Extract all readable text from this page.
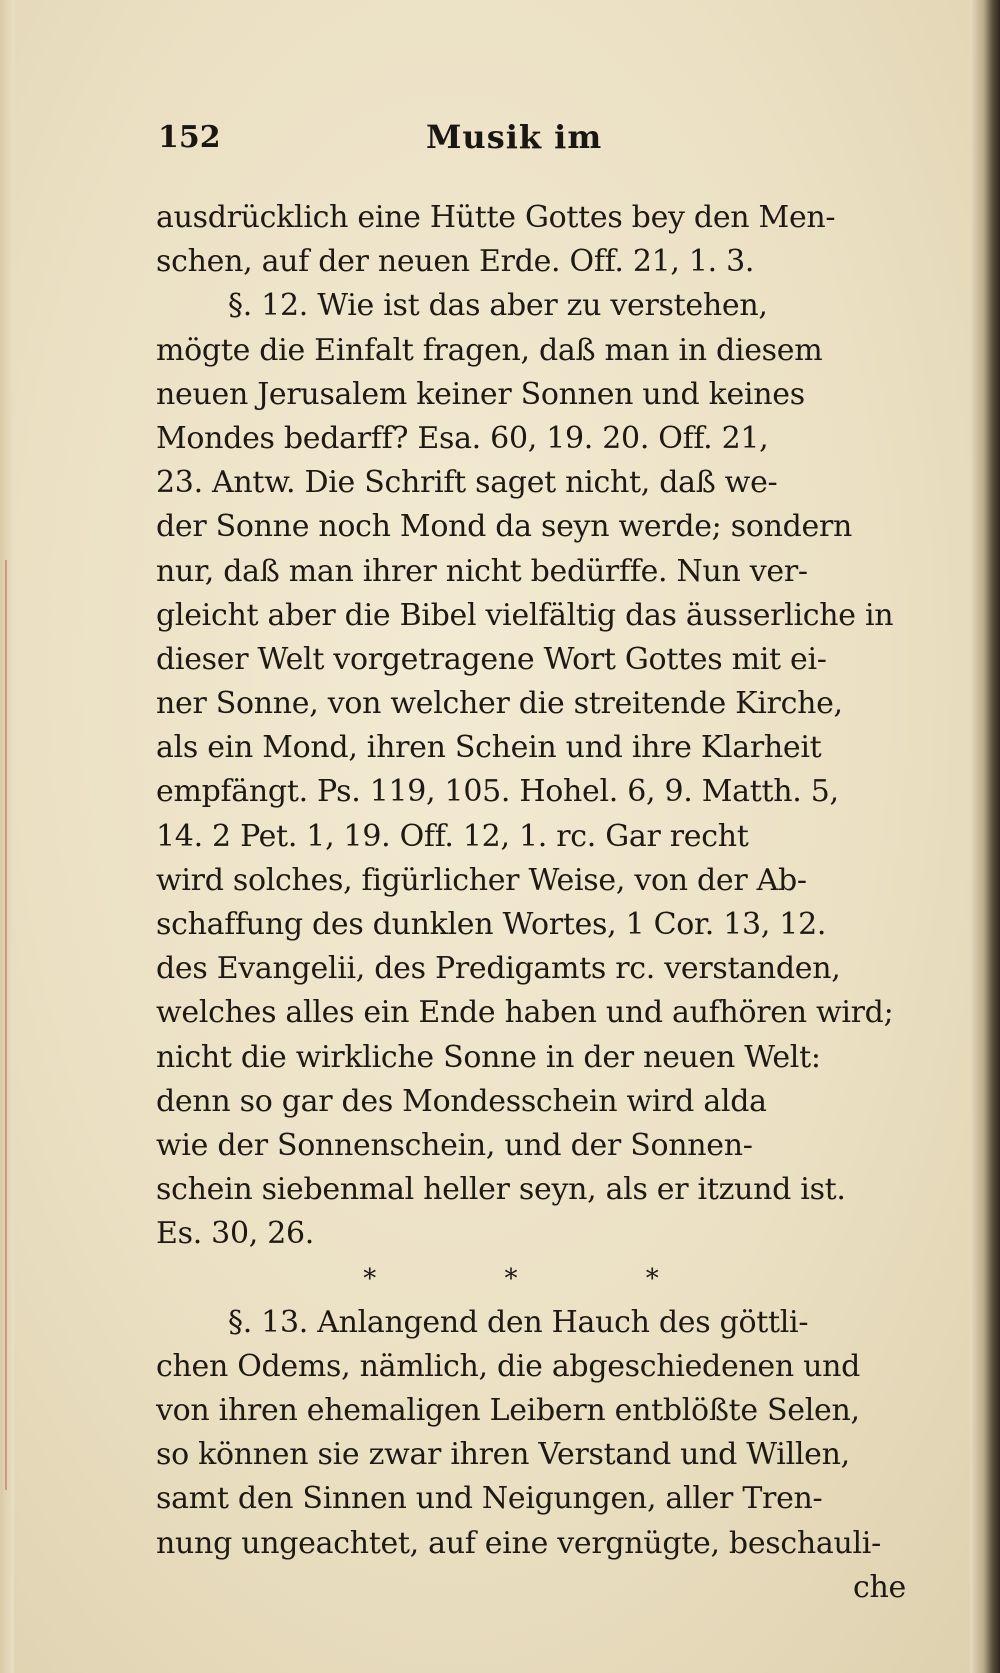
152	Musik im
ausdrücklich eine Hütte Gottes bey den Men-
schen, auf der neuen Erde. Off. 21, 1. 3.
§. 12. Wie ist das aber zu verstehen,
mögte die Einfalt fragen, daß man in diesem
neuen Jerusalem keiner Sonnen und keines
Mondes bedarff? Esa. 60, 19. 20. Off. 21,
23. Antw. Die Schrift saget nicht, daß we-
der Sonne noch Mond da seyn werde; sondern
nur, daß man ihrer nicht bedürffe. Nun ver-
gleicht aber die Bibel vielfältig das äusserliche in
dieser Welt vorgetragene Wort Gottes mit ei-
ner Sonne, von welcher die streitende Kirche,
als ein Mond, ihren Schein und ihre Klarheit
empfängt. Ps. 119, 105. Hohel. 6, 9. Matth. 5,
14. 2 Pet. 1, 19. Off. 12, 1. rc. Gar recht
wird solches, figürlicher Weise, von der Ab-
schaffung des dunklen Wortes, 1 Cor. 13, 12.
des Evangelii, des Predigamts rc. verstanden,
welches alles ein Ende haben und aufhören wird;
nicht die wirkliche Sonne in der neuen Welt:
denn so gar des Mondesschein wird alda
wie der Sonnenschein, und der Sonnen-
schein siebenmal heller seyn, als er itzund ist.
Es. 30, 26.
* * *
§. 13. Anlangend den Hauch des göttli-
chen Odems, nämlich, die abgeschiedenen und
von ihren ehemaligen Leibern entblößte Selen,
so können sie zwar ihren Verstand und Willen,
samt den Sinnen und Neigungen, aller Tren-
nung ungeachtet, auf eine vergnügte, beschauli-
che
